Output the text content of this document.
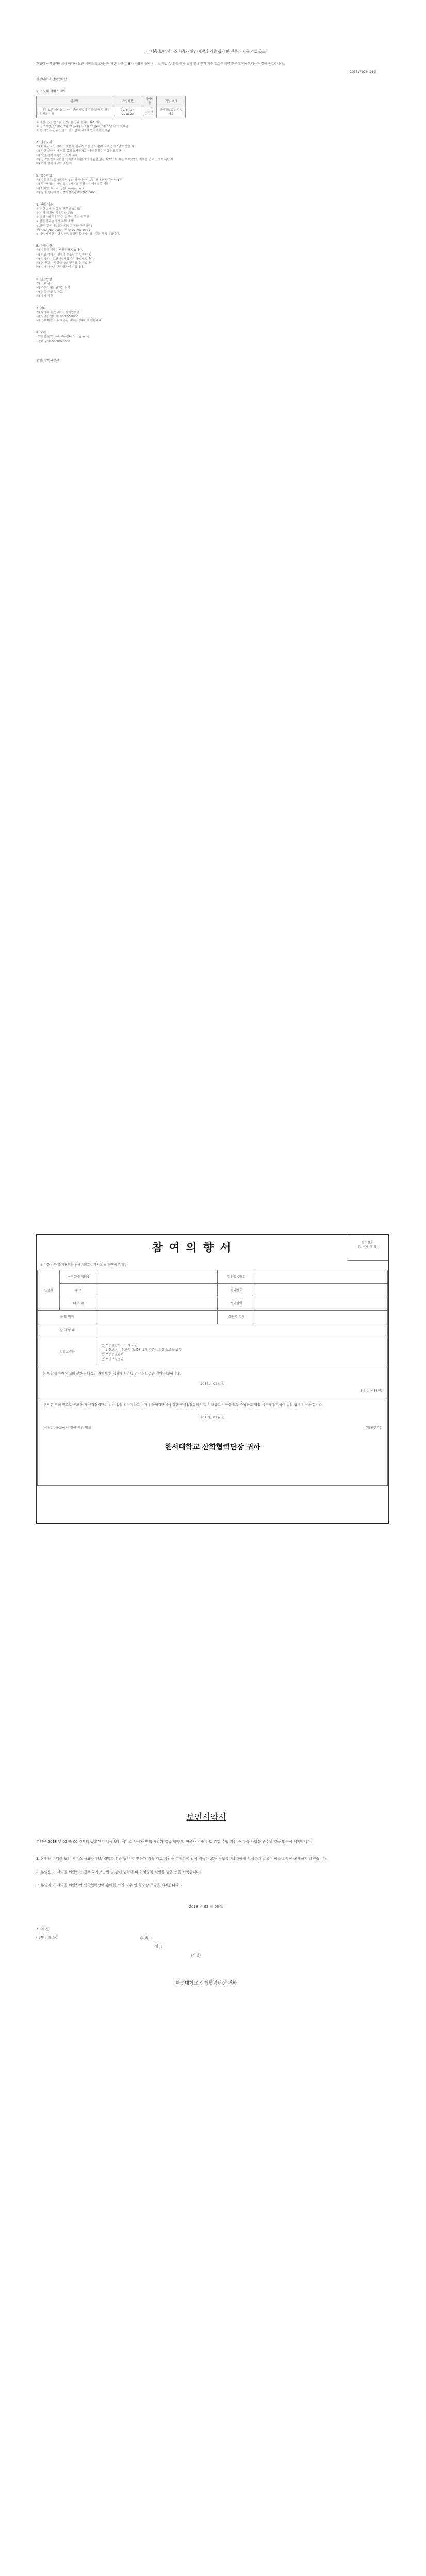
미디움 보안 서비스 사용자 편의 개발과 검증 협약 및 전문가 기술 검토 공고

한성대 산학협력단에서 미디움 보안 서비스 공모에서의 개발 사례 이용자 사용자 편의 서비스 개발 및 검증 결과 협약 및 전문가 기술 검토를 위한 전문가 참여를 다음과 같이 공고합니다.

2018년 02월 21일
한성대학교 산학협력단
1. 공모대 서비스 개요
공모명	과업기간	참여인원	과업 소개
미디움 보안 서비스 사용자 편의 개발과 검증 협약 및 전문가 기술 검토	2018.02~ 2018.03	○○명	보안검토업무 과업 개요
＊ 예산: ○○ 원 / 총 사업비는 성과 결과에 따라 계상
＊ 공모기간: 2018년 2월 21일(수) ~ 2월 28일(수) 18:00까지 접수 마감
＊ 본 사업은 전문가 참여 필요 범위 내에서 협의하여 진행됨
2. 신청자격
가) 미디움 보안 서비스 개발 및 전문가 기술 검토 분야 실무 경력 3년 이상인 자
나) 관련 분야 석사 이상 학위 소지자 또는 이에 준하는 경력을 보유한 자
다) 보안 관련 자격증 소지자 우대
라) 공고일 현재 국가를 당사자로 하는 계약에 관한 법률 제27조에 따른 부정당업자 제재를 받고 있지 아니한 자
마) 기타 결격 사유가 없는 자
3. 접수방법
가) 제출서류: 참여의향서 1부, 보안서약서 1부, 참여 의사 확인서 1부
나) 접수방법: 이메일 접수 (서식을 작성하여 이메일로 제출)
다) 이메일: industry@hansung.ac.kr
라) 문의: 한성대학교 산학협력단 02-760-0000
4. 선정 기준
＊ 관련 분야 경력 및 전문성 (60점)
＊ 수행 계획의 적정성 (40점)
＊ 동점자의 경우 관련 실적이 많은 자 우선
※ 선정 결과는 개별 통보 예정
※ 담당: 한성대학교 산학협력단 (연구행정팀)
전화: 02-760-0000 / 팩스: 02-760-0001
※ 기타 자세한 사항은 산학협력단 홈페이지를 참고하시기 바랍니다.
5. 유의사항
가) 제출된 서류는 반환하지 않습니다.
나) 허위 기재 시 선정이 취소될 수 있습니다.
다) 참여자는 보안서약서를 준수하여야 합니다.
라) 본 공고는 사정에 따라 변경될 수 있습니다.
마) 기타 사항은 관련 규정에 따릅니다.
6. 선정방법
가) 서류 심사
나) 전문가 평가위원회 심사
다) 최종 선정 및 통보
라) 계약 체결
7. 기타
가) 문의처: 한성대학교 산학협력단
나) 담당자 연락처: 02-760-0000
다) 접수 마감 이후 제출된 서류는 접수하지 않습니다.
8. 문의
- 이메일 문의: industry@hansung.ac.kr
- 전화 문의: 02-760-0000
붙임: 참여의향서
참 여 의 향 서	접수번호
(접수자 기재)
※ 다음 사항 중 해당되는 칸에 체크(✓) 하시오 ※ 관련 서류 첨부
신청자	성명(국문/영문)		법인등록번호	
	주 소		전화번호	
	대 표 자		생년월일	
공모 명칭			업종 및 업태	
참 여 형 태				
입찰보증금		□ 보증금납부 : 소 자 기업
□ 입찰보 시 : 회보증 (보증서 2가 기준) : 입찰 보증금 납부
□ 보증증권납부
□ 보증보험증권		

본 입찰에 관한 일체의 권한을 다음의 자에게 본 입찰에 사용할 인감을 다음과 같이 신고합니다.
2018년 02월 일
(대 리 인) (인)				

본인은 위의 번호로 공고한 귀 산학협력단의 일반 입찰에 참가하고자 귀 산학협력단에서 정한 공사입찰유의서 및 입찰공고 사항을 모두 승낙하고 별첨 서류를 첨부하여 입찰 참가 신청을 합니다.
2018년 02월 일
신청인: 공고에서 정한 서류 일체 (법인인감)
한서대학교 산학협력단장 귀하				
보안서약서

본인은 2018 년 02 월 00 일부터 공고된 미디움 보안 서비스 사용자 편의 개발과 검증 협약 및 전문가 기술 검토 과업 수행 기간 중 다음 사항을 준수할 것을 엄숙히 서약합니다.

1. 본인은 미디움 보안 서비스 사용자 편의 개발과 검증 협약 및 전문가 기술 검토 과업을 수행함에 있어 취득한 모든 정보를 제3자에게 누설하지 않으며 이를 외부에 공개하지 않겠습니다.
2. 본인은 이 서약을 위반하는 경우 국가보안법 및 관련 법령에 따라 엄중한 처벌을 받을 것을 서약합니다.
3. 본인이 이 서약을 위반하여 산학협력단에 손해를 끼친 경우 민·형사상 책임을 지겠습니다.
2018 년 02 월 00 일
서 약 자
(주민번호 등)	소 속 :
성 명 :
(서명)
한성대학교 산학협력단장 귀하
